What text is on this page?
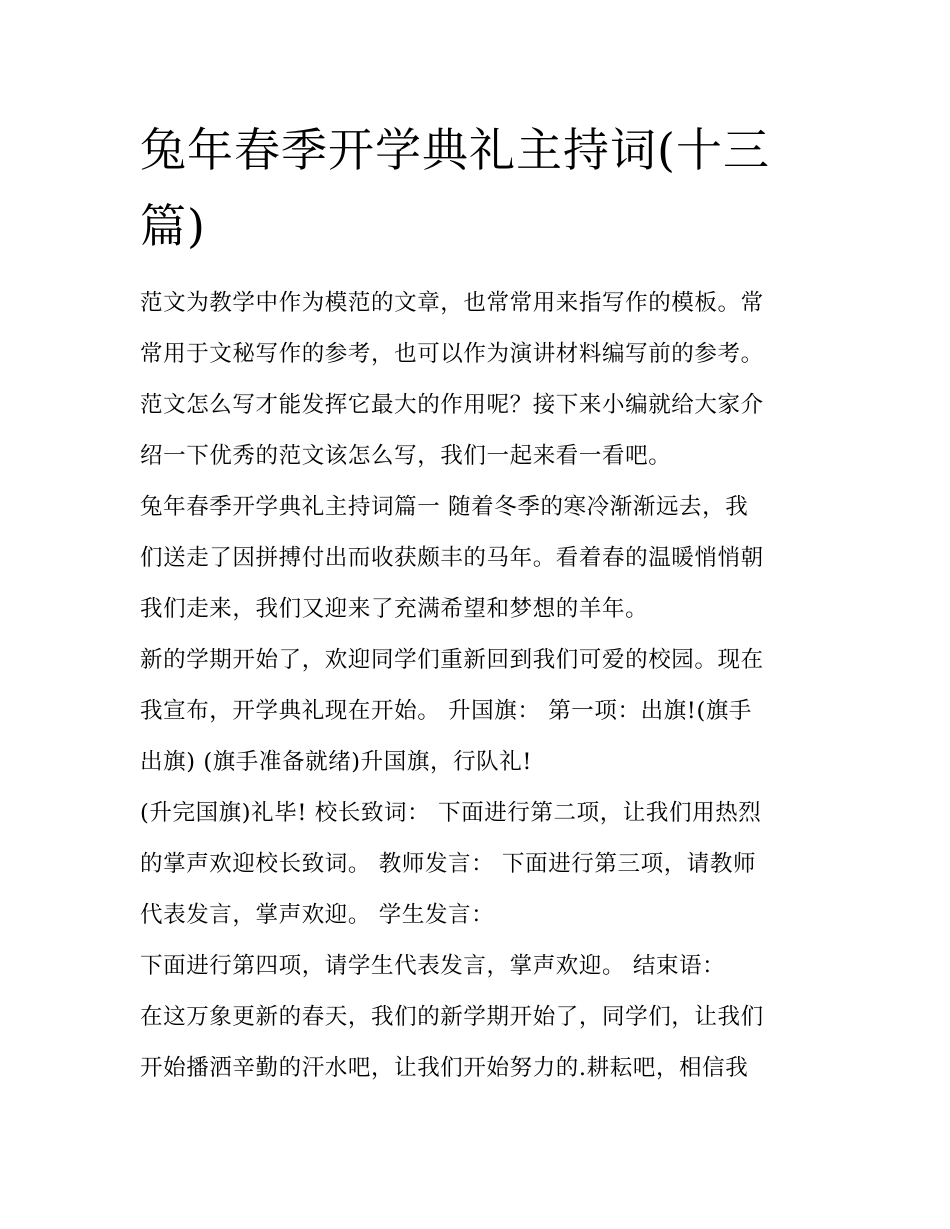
兔年春季开学典礼主持词(十三
篇)

范文为教学中作为模范的文章，也常常用来指写作的模板。常
常用于文秘写作的参考，也可以作为演讲材料编写前的参考。
范文怎么写才能发挥它最大的作用呢？接下来小编就给大家介
绍一下优秀的范文该怎么写，我们一起来看一看吧。

兔年春季开学典礼主持词篇一 随着冬季的寒冷渐渐远去，我
们送走了因拼搏付出而收获颇丰的马年。看着春的温暖悄悄朝
我们走来，我们又迎来了充满希望和梦想的羊年。

新的学期开始了，欢迎同学们重新回到我们可爱的校园。现在
我宣布，开学典礼现在开始。 升国旗： 第一项：出旗!(旗手
出旗) (旗手准备就绪)升国旗，行队礼!

(升完国旗)礼毕! 校长致词： 下面进行第二项，让我们用热烈
的掌声欢迎校长致词。 教师发言： 下面进行第三项，请教师
代表发言，掌声欢迎。 学生发言：

下面进行第四项，请学生代表发言，掌声欢迎。 结束语：

在这万象更新的春天，我们的新学期开始了，同学们，让我们
开始播洒辛勤的汗水吧，让我们开始努力的.耕耘吧，相信我
